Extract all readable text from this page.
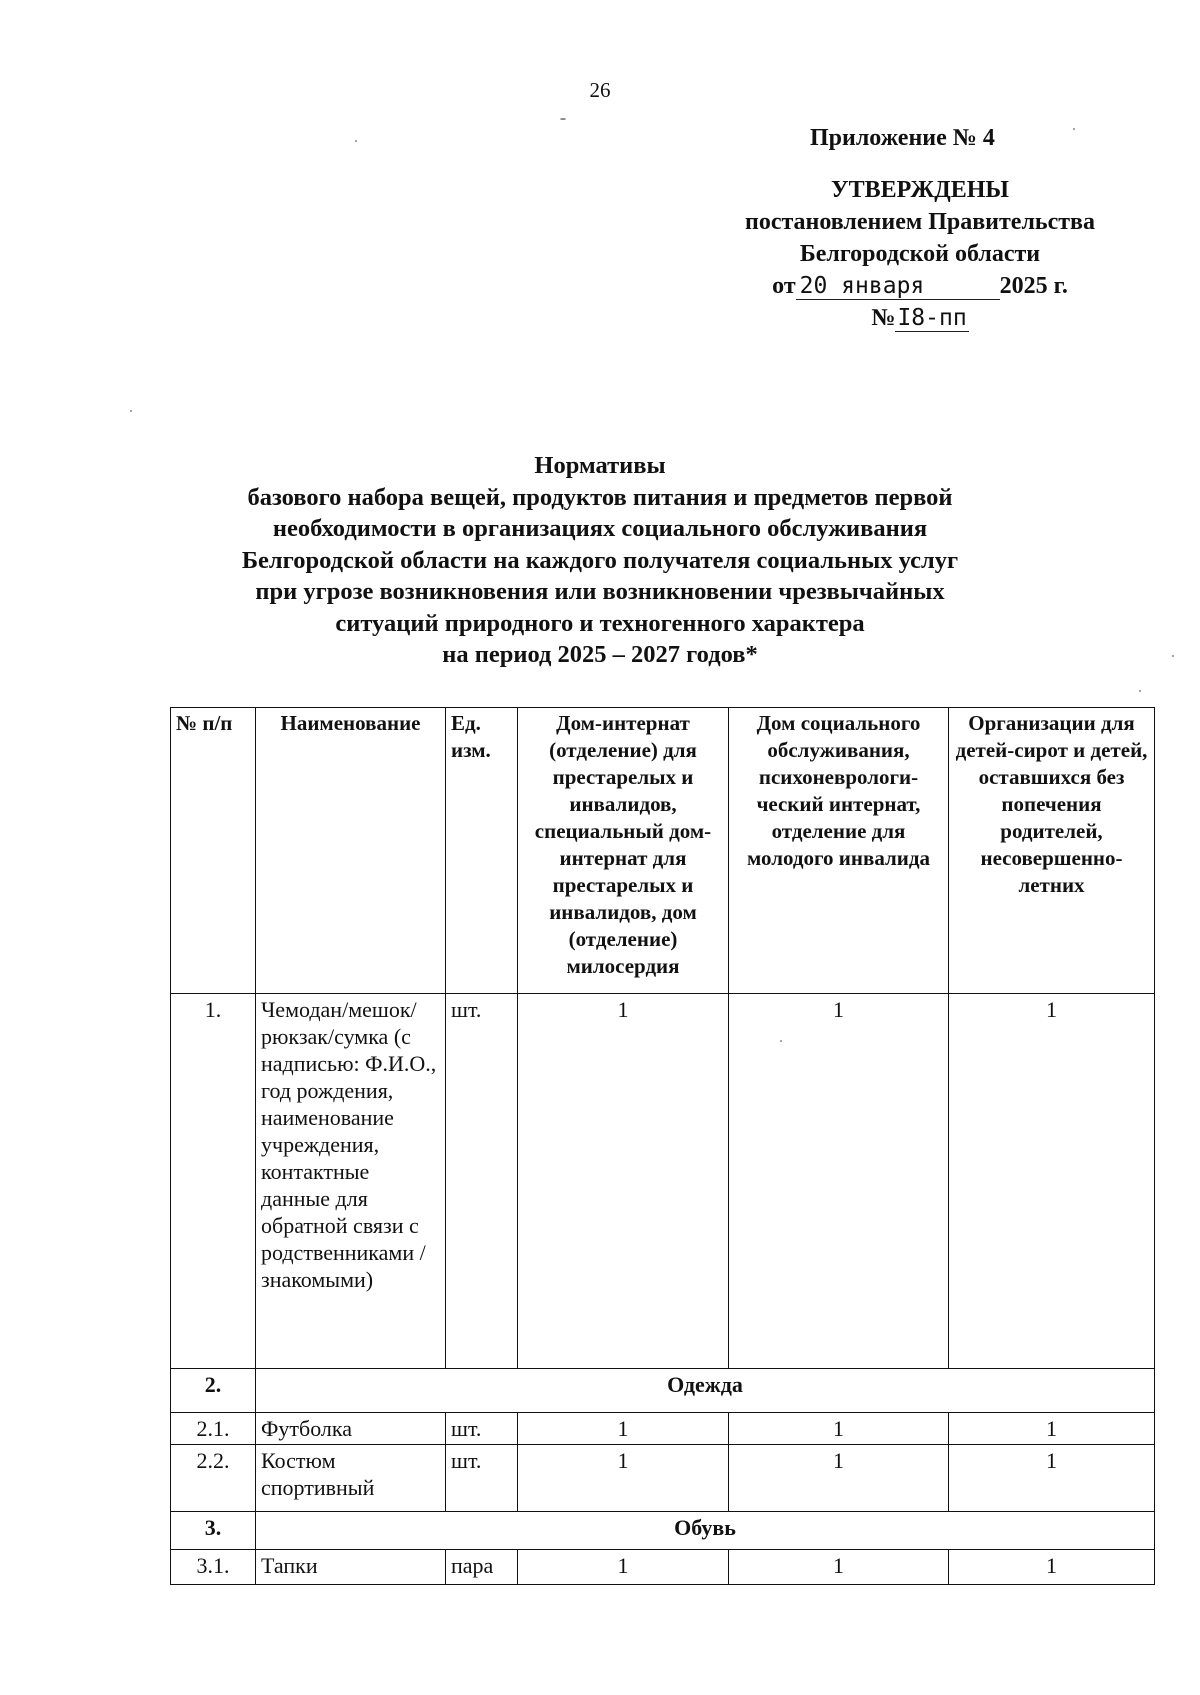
26
Приложение № 4
УТВЕРЖДЕНЫ
постановлением Правительства
Белгородской области
от 20 января	2025 г.
№I8-пп
Нормативы
базового набора вещей, продуктов питания и предметов первой
необходимости в организациях социального обслуживания
Белгородской области на каждого получателя социальных услуг
при угрозе возникновения или возникновении чрезвычайных
ситуаций природного и техногенного характера
на период 2025 – 2027 годов*
№ п/п	Наименование	Ед. изм.	Дом-интернат (отделение) для престарелых и инвалидов, специальный дом-интернат для престарелых и инвалидов, дом (отделение) милосердия	Дом социального обслуживания, психоневрологи-ческий интернат, отделение для молодого инвалида	Организации для детей-сирот и детей, оставшихся без попечения родителей, несовершенно-летних
1.	Чемодан/мешок/ рюкзак/сумка (с надписью: Ф.И.О., год рождения, наименование учреждения, контактные данные для обратной связи с родственниками / знакомыми)	шт.	1	1	1
2.	Одежда				
2.1.	Футболка	шт.	1	1	1
2.2.	Костюм спортивный	шт.	1	1	1
3.	Обувь				
3.1.	Тапки	пара	1	1	1
